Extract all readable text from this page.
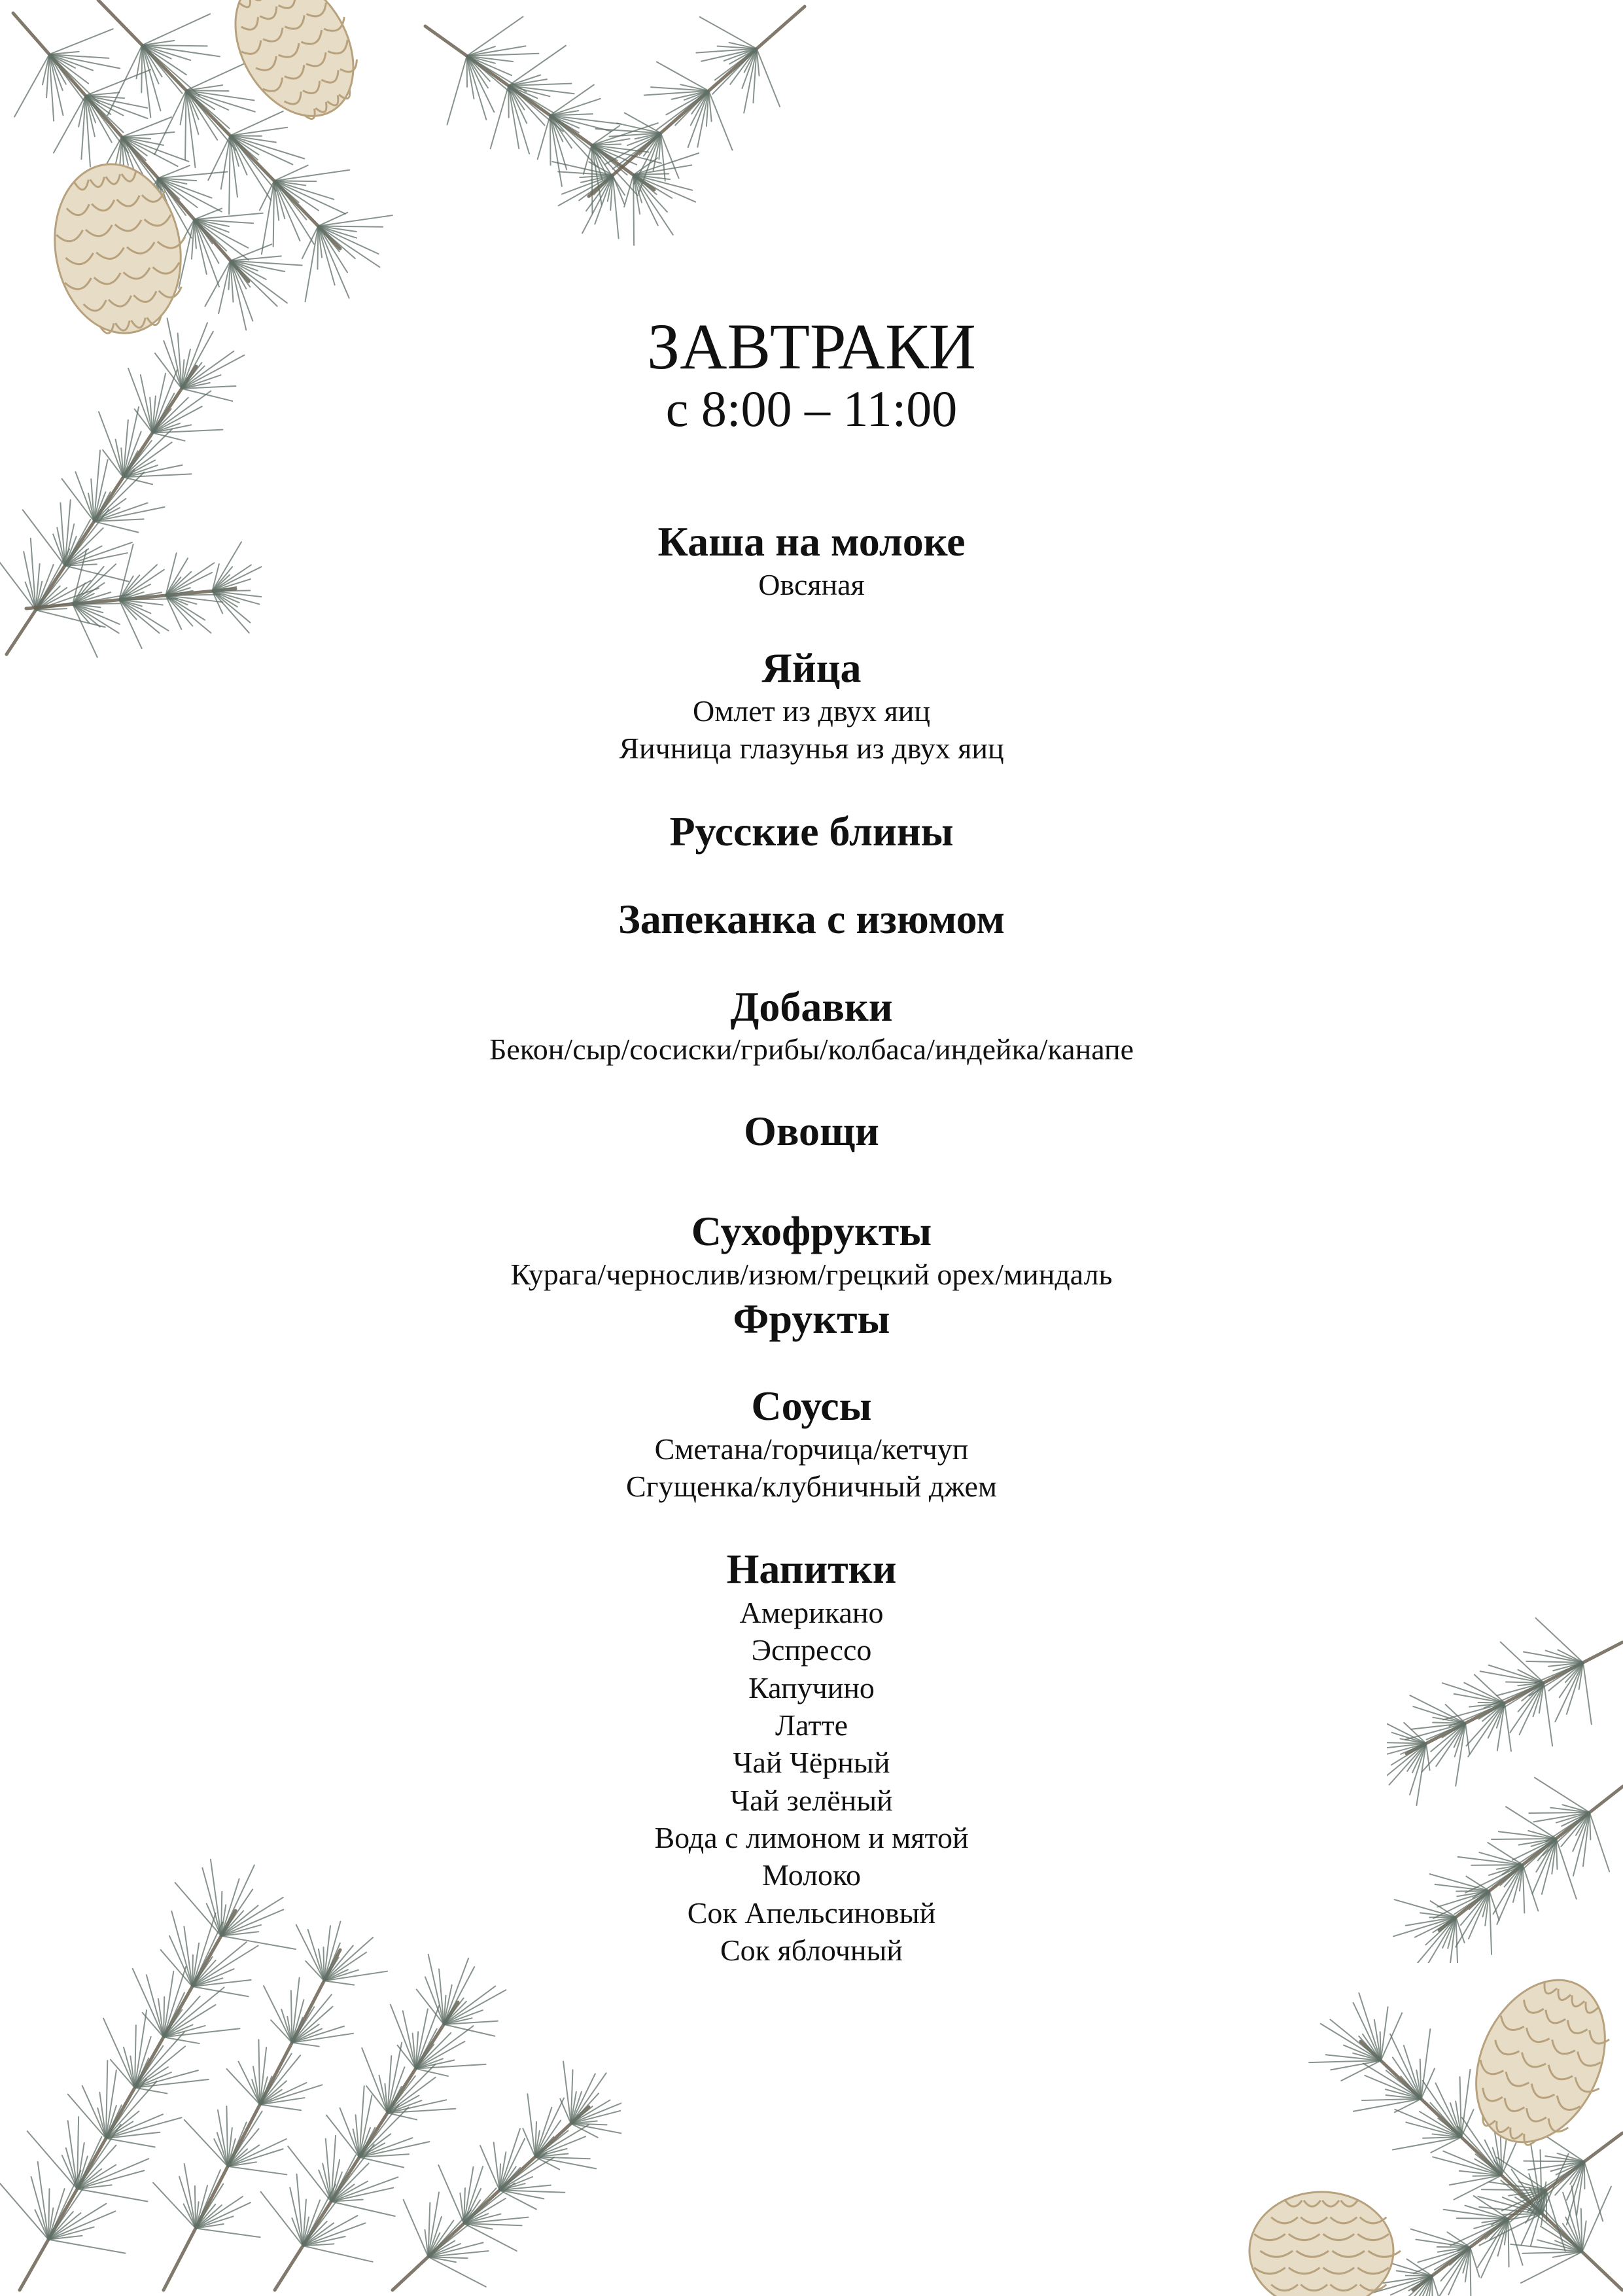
ЗАВТРАКИ
с 8:00 – 11:00
Каша на молоке
Овсяная
Яйца
Омлет из двух яиц
Яичница глазунья из двух яиц
Русские блины
Запеканка с изюмом
Добавки
Бекон/сыр/сосиски/грибы/колбаса/индейка/канапе
Овощи
Сухофрукты
Курага/чернослив/изюм/грецкий орех/миндаль
Фрукты
Соусы
Сметана/горчица/кетчуп
Сгущенка/клубничный джем
Напитки
Американо
Эспрессо
Капучино
Латте
Чай Чёрный
Чай зелёный
Вода с лимоном и мятой
Молоко
Сок Апельсиновый
Сок яблочный
